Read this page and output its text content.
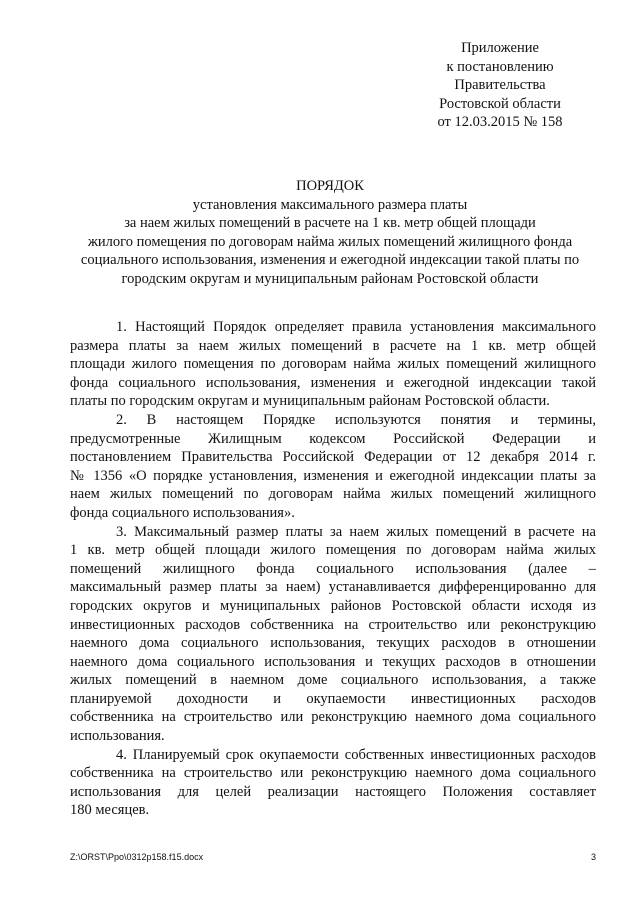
Приложение
к постановлению
Правительства
Ростовской области
от 12.03.2015 № 158
ПОРЯДОК
установления максимального размера платы
за наем жилых помещений в расчете на 1 кв. метр общей площади
жилого помещения по договорам найма жилых помещений жилищного фонда
социального использования, изменения и ежегодной индексации такой платы по
городским округам и муниципальным районам Ростовской области
1. Настоящий Порядок определяет правила установления максимального
размера платы за наем жилых помещений в расчете на 1 кв. метр общей
площади жилого помещения по договорам найма жилых помещений жилищного
фонда социального использования, изменения и ежегодной индексации такой
платы по городским округам и муниципальным районам Ростовской области.
2. В настоящем Порядке используются понятия и термины,
предусмотренные Жилищным кодексом Российской Федерации и
постановлением Правительства Российской Федерации от 12 декабря 2014 г.
№ 1356 «О порядке установления, изменения и ежегодной индексации платы за
наем жилых помещений по договорам найма жилых помещений жилищного
фонда социального использования».
3. Максимальный размер платы за наем жилых помещений в расчете на
1 кв. метр общей площади жилого помещения по договорам найма жилых
помещений жилищного фонда социального использования (далее –
максимальный размер платы за наем) устанавливается дифференцированно для
городских округов и муниципальных районов Ростовской области исходя из
инвестиционных расходов собственника на строительство или реконструкцию
наемного дома социального использования, текущих расходов в отношении
наемного дома социального использования и текущих расходов в отношении
жилых помещений в наемном доме социального использования, а также
планируемой доходности и окупаемости инвестиционных расходов
собственника на строительство или реконструкцию наемного дома социального
использования.
4. Планируемый срок окупаемости собственных инвестиционных расходов
собственника на строительство или реконструкцию наемного дома социального
использования для целей реализации настоящего Положения составляет
180 месяцев.
Z:\ORST\Ppo\0312p158.f15.docx	3
